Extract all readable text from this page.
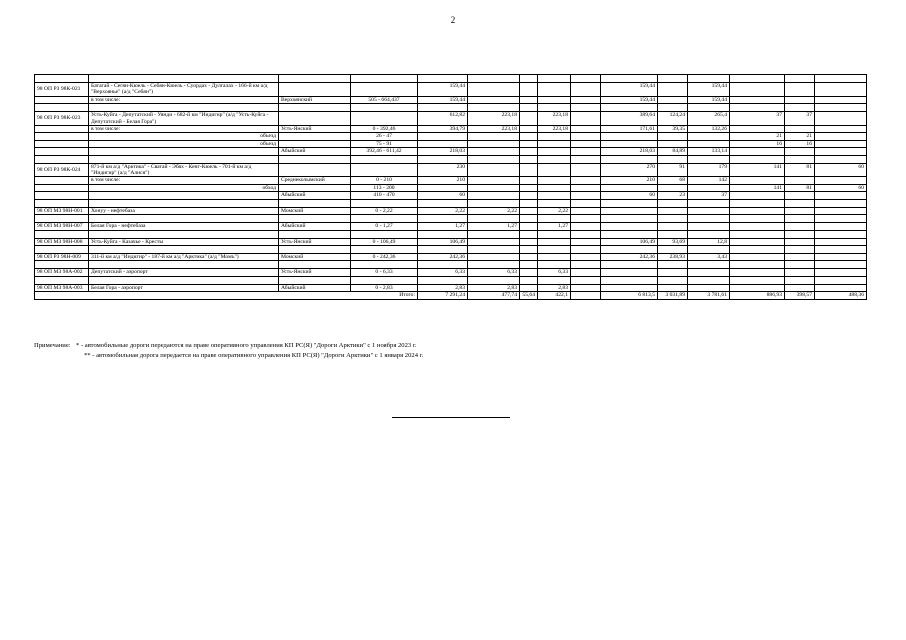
2

98 ОП РЗ 98К-021	Батагай - Сегян-Кюель - Себян-Кюель - Суордах - Дулгалах - 166-й км а/д "Верхоянье" (а/д "Себян")			159,44					159,44		159,44			
	в том числе:	Верхоянский	505 - 664,437	159,44					159,44		159,44			

98 ОП РЗ 98К-023	Усть-Куйга - Депутатский - Уянди - 682-й км "Индигир" (а/д "Усть-Куйга - Депутатский - Белая Гора")			612,82	223,18		223,18		389,64	124,24	265,4	37	37	
	в том числе:	Усть-Янский	0 - 392,46	394,79	223,18		223,18		171,61	39,35	132,26			
	объезд		26 - 47									21	21	
	объезд		75 - 91									16	16	
		Абыйский	392,46 - 611,42	218,03					218,03	84,89	133,14			

98 ОП РЗ 98К-024	871-й км а/д "Арктика" - Сватай - Эбях - Кенг-Кюель - 701-й км а/д "Индигир" (а/д "Алися")			230					270	91	179	141	81	60
	в том числе:	Среднеколымский	0 - 210	210					210	68	142			
	обход		113 - 200									141	81	60
		Абыйский	410 - 470	60					60	23	37			

98 ОП МЗ 98Н-001	Хонуу - нефтебаза	Момский	0 - 2,22	2,22	2,22		2,22							

98 ОП МЗ 98Н-007	Белая Гора - нефтебаза	Абыйский	0 - 1,27	1,27	1,27		1,27							

98 ОП МЗ 98Н-008	Усть-Куйга - Казачье - Кресты	Усть-Янский	0 - 106,49	106,49					106,49	93,69	12,8			

98 ОП РЗ 98Н-009	311-й км а/д "Индигир" - 187-й км а/д "Арктика" (а/д "Момъ")	Момский	0 - 242,36	242,36					242,36	238,93	3,43			

98 ОП МЗ 98А-002	Депутатский - аэропорт	Усть-Янский	0 - 6,33	6,33	6,33		6,33							

98 ОП МЗ 98А-003	Белая Гора - аэропорт	Абыйский	0 - 2,83	2,83	2,83		2,83							
Итого:				7 291,24	477,74	55,64	422,1		6 813,5	3 031,89	3 781,61	886,93	398,57	488,36
Примечание: * - автомобильные дороги передаются на праве оперативного управления КП РС(Я) "Дороги Арктики" с 1 ноября 2023 г.
** - автомобильная дорога передается на праве оперативного управления КП РС(Я) "Дороги Арктики" с 1 января 2024 г.
